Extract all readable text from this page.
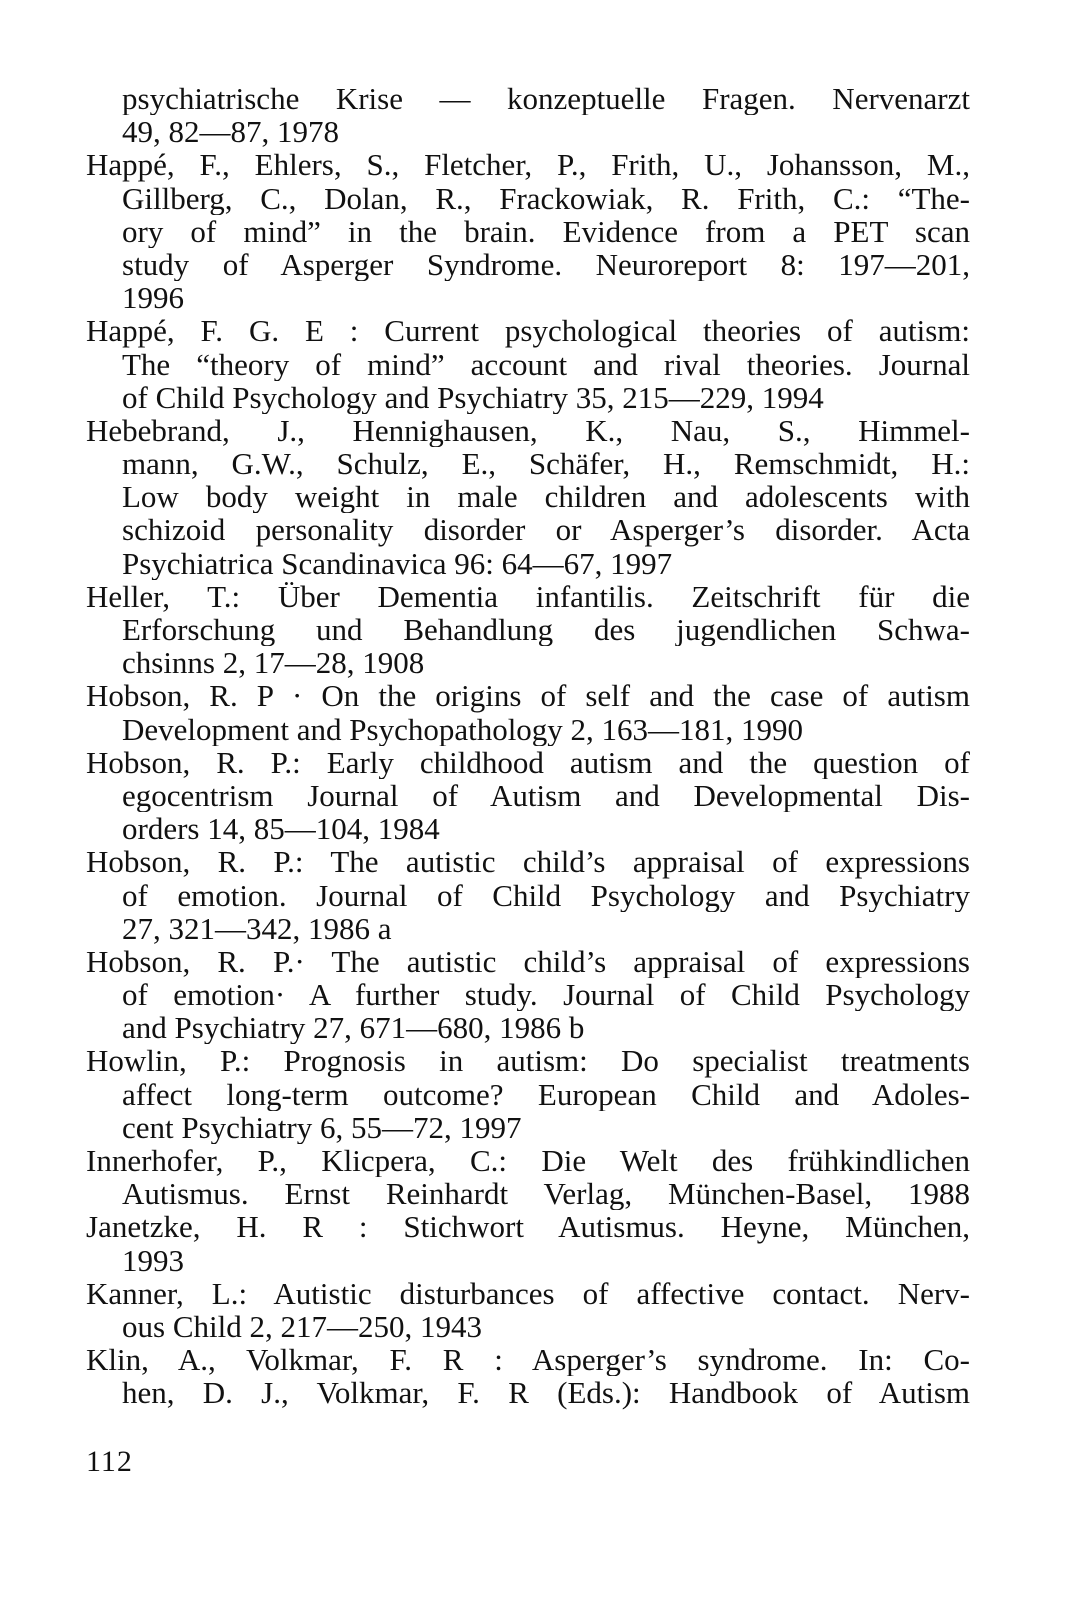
psychiatrische Krise — konzeptuelle Fragen. Nervenarzt
49, 82—87, 1978
Happé, F., Ehlers, S., Fletcher, P., Frith, U., Johansson, M.,
Gillberg, C., Dolan, R., Frackowiak, R. Frith, C.: “The-
ory of mind” in the brain. Evidence from a PET scan
study of Asperger Syndrome. Neuroreport 8: 197—201,
1996
Happé, F. G. E : Current psychological theories of autism:
The “theory of mind” account and rival theories. Journal
of Child Psychology and Psychiatry 35, 215—229, 1994
Hebebrand, J., Hennighausen, K., Nau, S., Himmel-
mann, G.W., Schulz, E., Schäfer, H., Remschmidt, H.:
Low body weight in male children and adolescents with
schizoid personality disorder or Asperger’s disorder. Acta
Psychiatrica Scandinavica 96: 64—67, 1997
Heller, T.: Über Dementia infantilis. Zeitschrift für die
Erforschung und Behandlung des jugendlichen Schwa-
chsinns 2, 17—28, 1908
Hobson, R. P · On the origins of self and the case of autism
Development and Psychopathology 2, 163—181, 1990
Hobson, R. P.: Early childhood autism and the question of
egocentrism Journal of Autism and Developmental Dis-
orders 14, 85—104, 1984
Hobson, R. P.: The autistic child’s appraisal of expressions
of emotion. Journal of Child Psychology and Psychiatry
27, 321—342, 1986 a
Hobson, R. P.· The autistic child’s appraisal of expressions
of emotion· A further study. Journal of Child Psychology
and Psychiatry 27, 671—680, 1986 b
Howlin, P.: Prognosis in autism: Do specialist treatments
affect long-term outcome? European Child and Adoles-
cent Psychiatry 6, 55—72, 1997
Innerhofer, P., Klicpera, C.: Die Welt des frühkindlichen
Autismus. Ernst Reinhardt Verlag, München-Basel, 1988
Janetzke, H. R : Stichwort Autismus. Heyne, München,
1993
Kanner, L.: Autistic disturbances of affective contact. Nerv-
ous Child 2, 217—250, 1943
Klin, A., Volkmar, F. R : Asperger’s syndrome. In: Co-
hen, D. J., Volkmar, F. R (Eds.): Handbook of Autism
112
